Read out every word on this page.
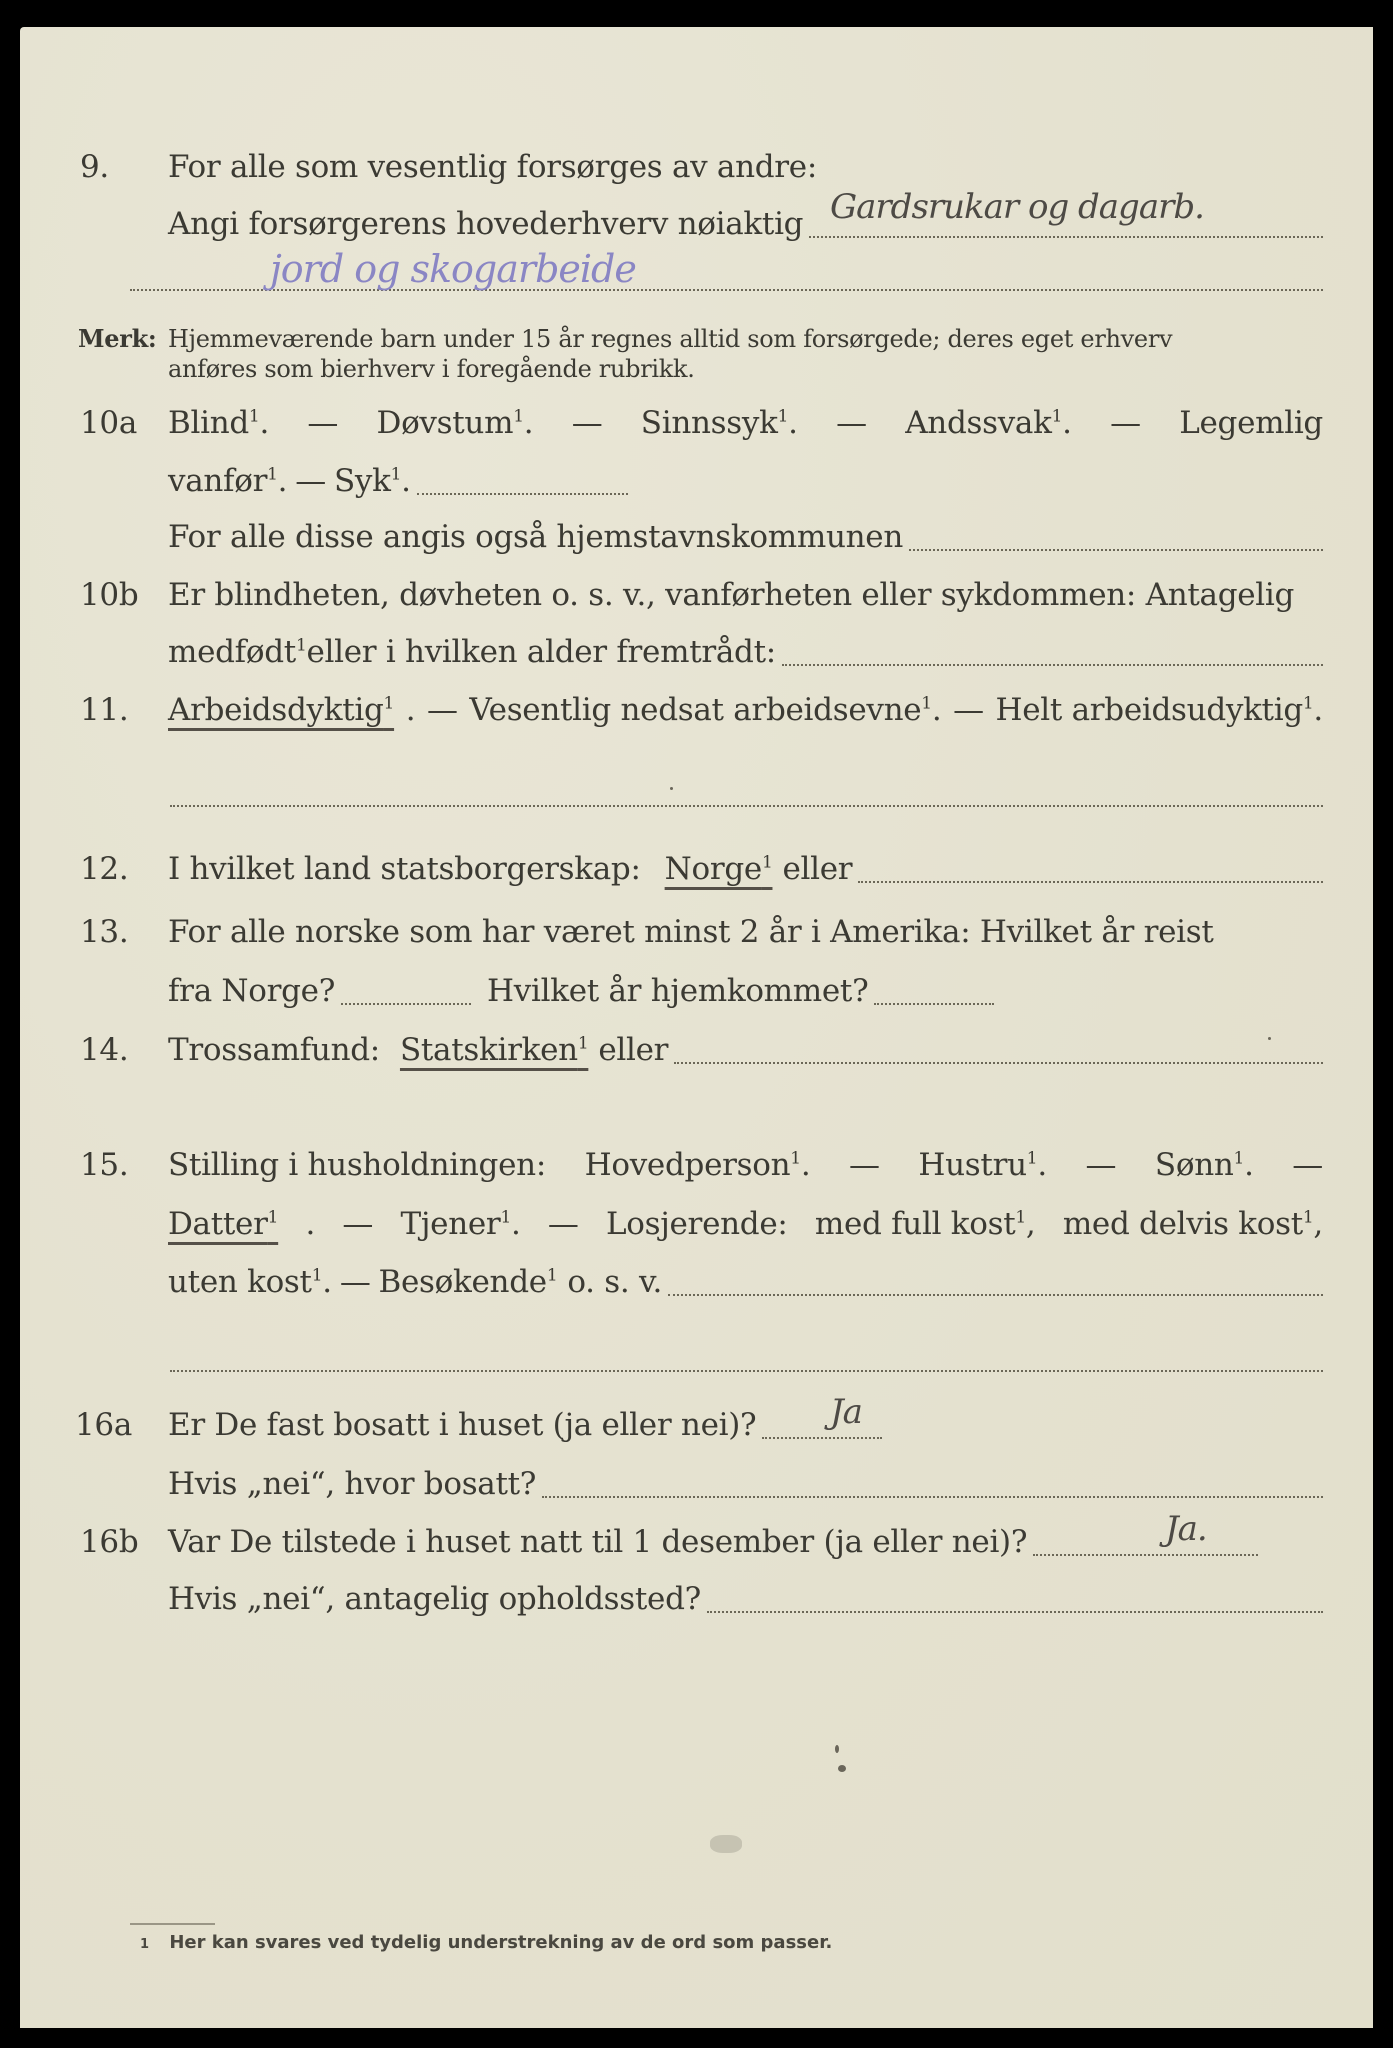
9. For alle som vesentlig forsørges av andre:
Angi forsørgerens hovederhverv nøiaktig Gardsrukar og dagarb.
jord og skogarbeide
Merk: Hjemmeværende barn under 15 år regnes alltid som forsørgede; deres eget erhverv
anføres som bierhverv i foregående rubrikk.
10a Blind$^1$. — Døvstum$^1$. — Sinnssyk$^1$. — Andssvak$^1$. — Legemlig
vanfør$^1$. — Syk$^1$.
For alle disse angis også hjemstavnskommunen
10b Er blindheten, døvheten o. s. v., vanførheten eller sykdommen: Antagelig
medfødt$^1$ eller i hvilken alder fremtrådt:
11. Arbeidsdyktig$^1$ . — Vesentlig nedsat arbeidsevne$^1$. — Helt arbeidsudyktig$^1$.
12. I hvilket land statsborgerskap: Norge$^1$ eller
13. For alle norske som har været minst 2 år i Amerika: Hvilket år reist
fra Norge?	Hvilket år hjemkommet?
14. Trossamfund: Statskirken$^1$ eller
15. Stilling i husholdningen: Hovedperson$^1$. — Hustru$^1$. — Sønn$^1$. —
Datter$^1$ . — Tjener$^1$. — Losjerende: med full kost$^1$, med delvis kost$^1$,
uten kost$^1$. — Besøkende$^1$ o. s. v.
16a Er De fast bosatt i huset (ja eller nei)? Ja
Hvis „nei“, hvor bosatt?
16b Var De tilstede i huset natt til 1 desember (ja eller nei)?	Ja.
Hvis „nei“, antagelig opholdssted?
1 Her kan svares ved tydelig understrekning av de ord som passer.
